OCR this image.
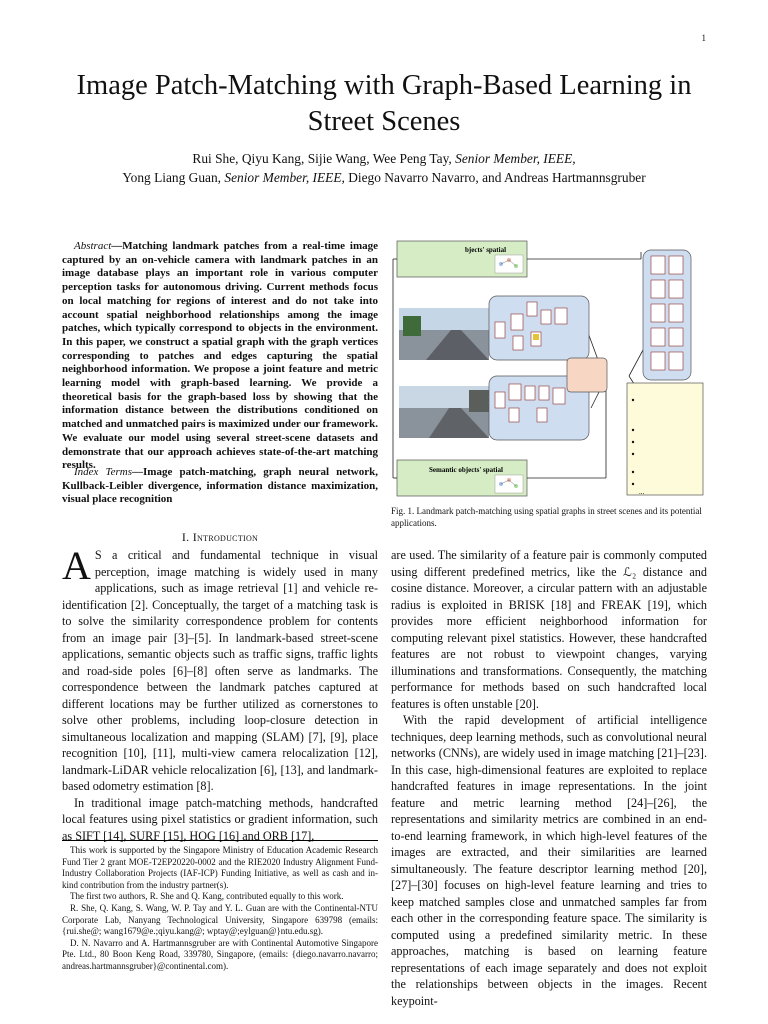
1
Image Patch-Matching with Graph-Based Learning in Street Scenes
Rui She, Qiyu Kang, Sijie Wang, Wee Peng Tay, Senior Member, IEEE,
Yong Liang Guan, Senior Member, IEEE, Diego Navarro Navarro, and Andreas Hartmannsgruber
Abstract—Matching landmark patches from a real-time image captured by an on-vehicle camera with landmark patches in an image database plays an important role in various computer perception tasks for autonomous driving. Current methods focus on local matching for regions of interest and do not take into account spatial neighborhood relationships among the image patches, which typically correspond to objects in the environment. In this paper, we construct a spatial graph with the graph vertices corresponding to patches and edges capturing the spatial neighborhood information. We propose a joint feature and metric learning model with graph-based learning. We provide a theoretical basis for the graph-based loss by showing that the information distance between the distributions conditioned on matched and unmatched pairs is maximized under our framework. We evaluate our model using several street-scene datasets and demonstrate that our approach achieves state-of-the-art matching results.
Index Terms—Image patch-matching, graph neural network, Kullback-Leibler divergence, information distance maximization, visual place recognition
I. Introduction

A S a critical and fundamental technique in visual perception, image matching is widely used in many applications, such as image retrieval [1] and vehicle re-identification [2]. Conceptually, the target of a matching task is to solve the similarity correspondence problem for contents from an image pair [3]–[5]. In landmark-based street-scene applications, semantic objects such as traffic signs, traffic lights and road-side poles [6]–[8] often serve as landmarks. The correspondence between the landmark patches captured at different locations may be further utilized as cornerstones to solve other problems, including loop-closure detection in simultaneous localization and mapping (SLAM) [7], [9], place recognition [10], [11], multi-view camera relocalization [12], landmark-LiDAR vehicle relocalization [6], [13], and landmark-based odometry estimation [8].

In traditional image patch-matching methods, handcrafted local features using pixel statistics or gradient information, such as SIFT [14], SURF [15], HOG [16] and ORB [17],

This work is supported by the Singapore Ministry of Education Academic Research Fund Tier 2 grant MOE-T2EP20220-0002 and the RIE2020 Industry Alignment Fund-Industry Collaboration Projects (IAF-ICP) Funding Initiative, as well as cash and in-kind contribution from the industry partner(s).

The first two authors, R. She and Q. Kang, contributed equally to this work.

R. She, Q. Kang, S. Wang, W. P. Tay and Y. L. Guan are with the Continental-NTU Corporate Lab, Nanyang Technological University, Singapore 639798 (emails: {rui.she@; wang1679@e.;qiyu.kang@; wptay@;eylguan@}ntu.edu.sg).

D. N. Navarro and A. Hartmannsgruber are with Continental Automotive Singapore Pte. Ltd., 80 Boon Keng Road, 339780, Singapore, (emails: {diego.navarro.navarro; andreas.hartmannsgruber}@continental.com).

bjects' spatial
Semantic objects' spatial
...
Fig. 1. Landmark patch-matching using spatial graphs in street scenes and its potential applications.

are used. The similarity of a feature pair is commonly computed using different predefined metrics, like the ℒ₂ distance and cosine distance. Moreover, a circular pattern with an adjustable radius is exploited in BRISK [18] and FREAK [19], which provides more efficient neighborhood information for computing relevant pixel statistics. However, these handcrafted features are not robust to viewpoint changes, varying illuminations and transformations. Consequently, the matching performance for methods based on such handcrafted local features is often unstable [20].

With the rapid development of artificial intelligence techniques, deep learning methods, such as convolutional neural networks (CNNs), are widely used in image matching [21]–[23]. In this case, high-dimensional features are exploited to replace handcrafted features in image representations. In the joint feature and metric learning method [24]–[26], the representations and similarity metrics are combined in an end-to-end learning framework, in which high-level features of the images are extracted, and their similarities are learned simultaneously. The feature descriptor learning method [20], [27]–[30] focuses on high-level feature learning and tries to keep matched samples close and unmatched samples far from each other in the corresponding feature space. The similarity is computed using a predefined similarity metric. In these approaches, matching is based on learning feature representations of each image separately and does not exploit the relationships between objects in the images. Recent keypoint-
